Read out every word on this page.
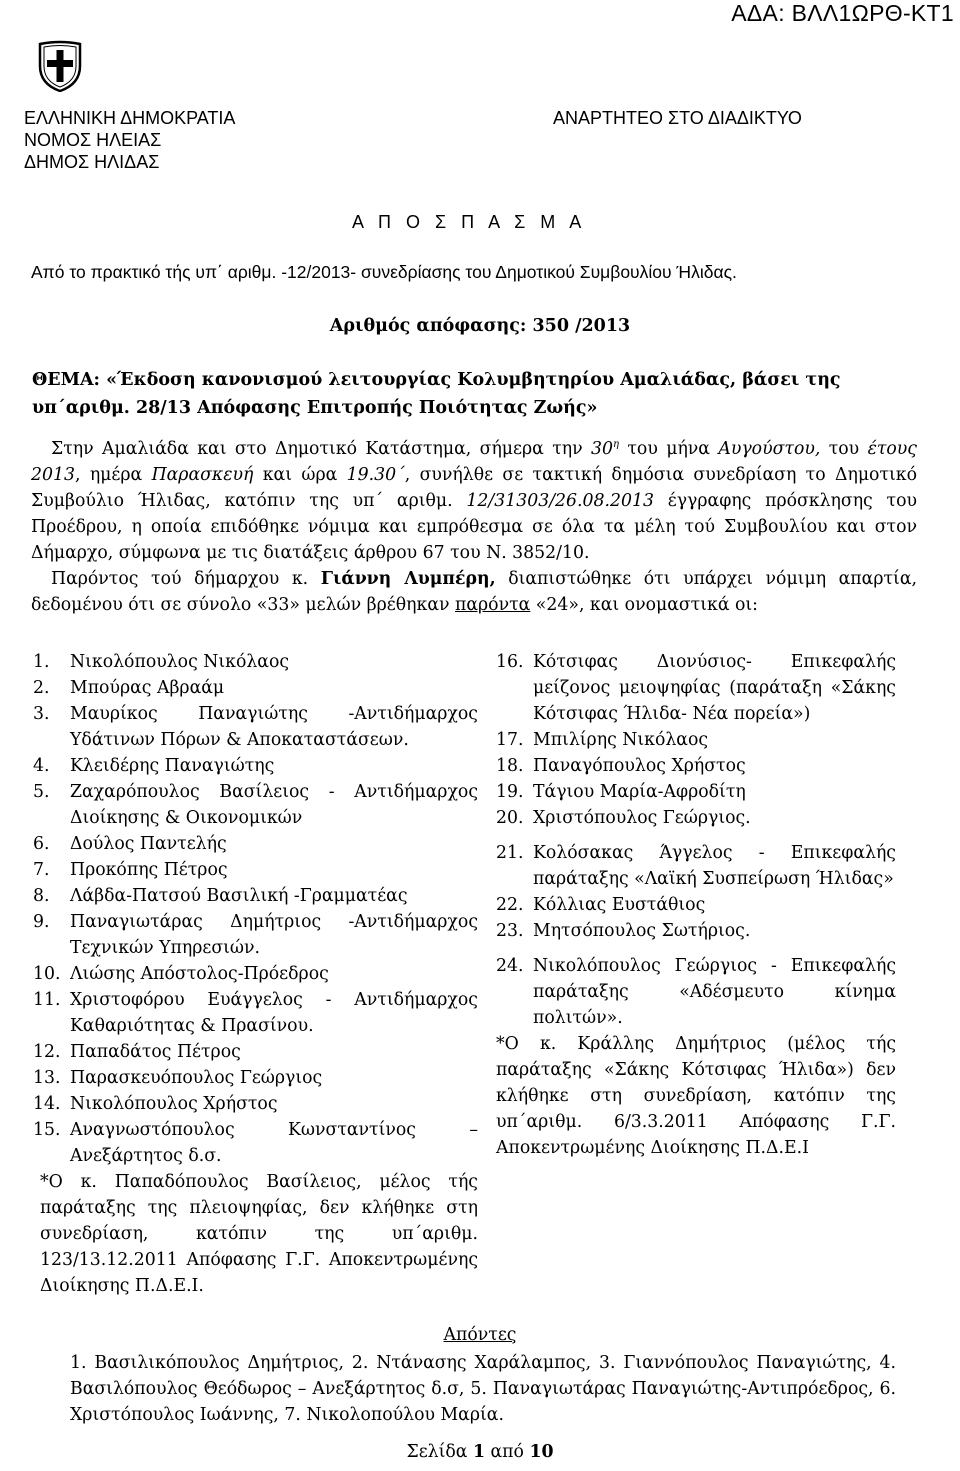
ΑΔΑ: ΒΛΛ1ΩΡΘ-ΚΤ1
ΕΛΛΗΝΙΚΗ ΔΗΜΟΚΡΑΤΙΑ
ΝΟΜΟΣ ΗΛΕΙΑΣ
ΔΗΜΟΣ ΗΛΙΔΑΣ
ΑΝΑΡΤΗΤΕΟ ΣΤΟ ΔΙΑΔΙΚΤΥΟ
Α Π Ο Σ Π Α Σ Μ Α
Από το πρακτικό τής υπ΄ αριθμ. -12/2013- συνεδρίασης του Δημοτικού Συμβουλίου Ήλιδας.
Αριθμός απόφασης: 350 /2013
ΘΕΜΑ: «Έκδοση κανονισμού λειτουργίας Κολυμβητηρίου Αμαλιάδας, βάσει της υπ΄αριθμ. 28/13 Απόφασης Επιτροπής Ποιότητας Ζωής»

Στην Αμαλιάδα και στο Δημοτικό Κατάστημα, σήμερα την $30^\eta$ του μήνα Αυγούστου, του έτους 2013, ημέρα Παρασκευή και ώρα 19.30΄, συνήλθε σε τακτική δημόσια συνεδρίαση το Δημοτικό Συμβούλιο Ήλιδας, κατόπιν της υπ΄ αριθμ. 12/31303/26.08.2013 έγγραφης πρόσκλησης του Προέδρου, η οποία επιδόθηκε νόμιμα και εμπρόθεσμα σε όλα τα μέλη τού Συμβουλίου και στον Δήμαρχο, σύμφωνα με τις διατάξεις άρθρου 67 του Ν. 3852/10.

Παρόντος τού δήμαρχου κ. Γιάννη Λυμπέρη, διαπιστώθηκε ότι υπάρχει νόμιμη απαρτία, δεδομένου ότι σε σύνολο «33» μελών βρέθηκαν παρόντα «24», και ονομαστικά οι:

1.	Νικολόπουλος Νικόλαος
2.	Μπούρας Αβραάμ
3.	Μαυρίκος Παναγιώτης -Αντιδήμαρχος Υδάτινων Πόρων & Αποκαταστάσεων.
4.	Κλειδέρης Παναγιώτης
5.	Ζαχαρόπουλος Βασίλειος - Αντιδήμαρχος Διοίκησης & Οικονομικών
6.	Δούλος Παντελής
7.	Προκόπης Πέτρος
8.	Λάβδα-Πατσού Βασιλική -Γραμματέας
9.	Παναγιωτάρας Δημήτριος -Αντιδήμαρχος Τεχνικών Υπηρεσιών.
10. Λιώσης Απόστολος-Πρόεδρος
11. Χριστοφόρου Ευάγγελος - Αντιδήμαρχος Καθαριότητας & Πρασίνου.
12. Παπαδάτος Πέτρος
13. Παρασκευόπουλος Γεώργιος
14. Νικολόπουλος Χρήστος
15. Αναγνωστόπουλος Κωνσταντίνος – Ανεξάρτητος δ.σ.
*Ο κ. Παπαδόπουλος Βασίλειος, μέλος τής παράταξης της πλειοψηφίας, δεν κλήθηκε στη συνεδρίαση, κατόπιν της υπ΄αριθμ. 123/13.12.2011 Απόφασης Γ.Γ. Αποκεντρωμένης Διοίκησης Π.Δ.Ε.Ι.
16. Κότσιφας Διονύσιος- Επικεφαλής μείζονος μειοψηφίας (παράταξη «Σάκης Κότσιφας Ήλιδα- Νέα πορεία»)
17. Μπιλίρης Νικόλαος
18. Παναγόπουλος Χρήστος
19. Τάγιου Μαρία-Αφροδίτη
20. Χριστόπουλος Γεώργιος.
21. Κολόσακας Άγγελος - Επικεφαλής παράταξης «Λαϊκή Συσπείρωση Ήλιδας»
22. Κόλλιας Ευστάθιος
23. Μητσόπουλος Σωτήριος.
24. Νικολόπουλος Γεώργιος - Επικεφαλής παράταξης «Αδέσμευτο κίνημα πολιτών».
*Ο κ. Κράλλης Δημήτριος (μέλος τής παράταξης «Σάκης Κότσιφας Ήλιδα») δεν κλήθηκε στη συνεδρίαση, κατόπιν της υπ΄αριθμ. 6/3.3.2011 Απόφασης Γ.Γ. Αποκεντρωμένης Διοίκησης Π.Δ.Ε.Ι
Απόντες
1. Βασιλικόπουλος Δημήτριος, 2. Ντάνασης Χαράλαμπος, 3. Γιαννόπουλος Παναγιώτης, 4. Βασιλόπουλος Θεόδωρος – Ανεξάρτητος δ.σ, 5. Παναγιωτάρας Παναγιώτης-Αντιπρόεδρος, 6. Χριστόπουλος Ιωάννης, 7. Νικολοπούλου Μαρία.
Σελίδα 1 από 10
